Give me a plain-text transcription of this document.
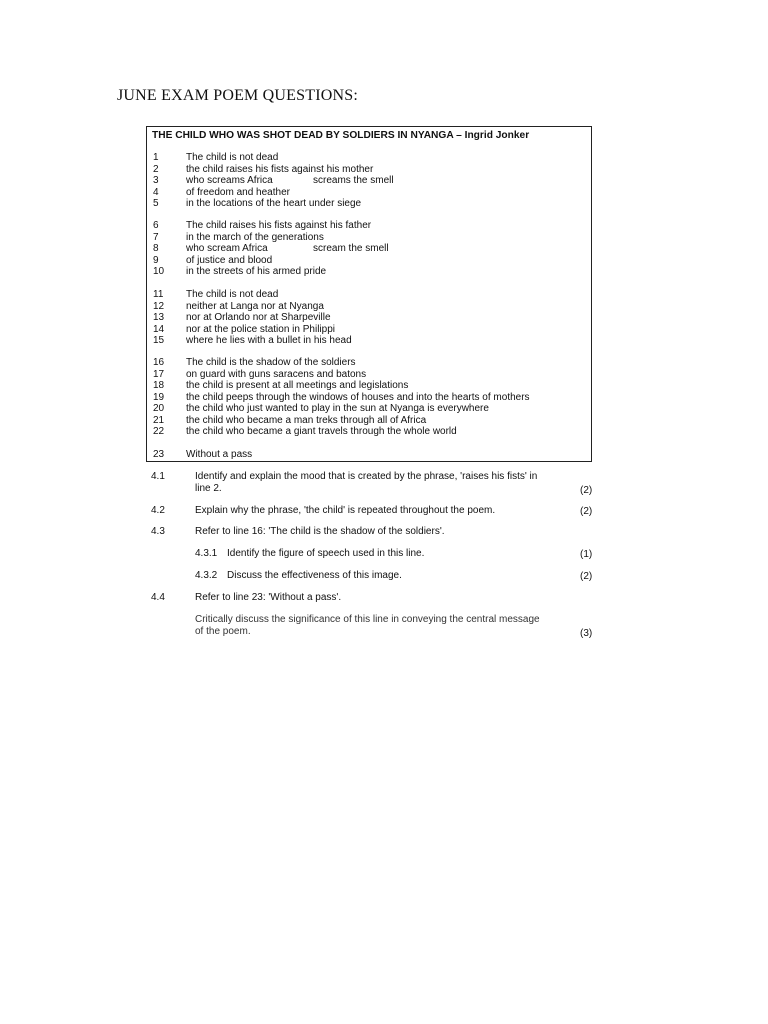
JUNE EXAM POEM QUESTIONS:
THE CHILD WHO WAS SHOT DEAD BY SOLDIERS IN NYANGA – Ingrid Jonker
1	The child is not dead
2	the child raises his fists against his mother
3	who screams Africa	screams the smell
4	of freedom and heather
5	in the locations of the heart under siege
6	The child raises his fists against his father
7	in the march of the generations
8	who scream Africa	scream the smell
9	of justice and blood
10 in the streets of his armed pride
11 The child is not dead
12 neither at Langa nor at Nyanga
13 nor at Orlando nor at Sharpeville
14 nor at the police station in Philippi
15 where he lies with a bullet in his head
16 The child is the shadow of the soldiers
17 on guard with guns saracens and batons
18 the child is present at all meetings and legislations
19 the child peeps through the windows of houses and into the hearts of mothers
20 the child who just wanted to play in the sun at Nyanga is everywhere
21 the child who became a man treks through all of Africa
22 the child who became a giant travels through the whole world
23 Without a pass
4.1	Identify and explain the mood that is created by the phrase, 'raises his fists' in
line 2.	(2)
4.2	Explain why the phrase, 'the child' is repeated throughout the poem.	(2)
4.3	Refer to line 16: 'The child is the shadow of the soldiers'.
4.3.1 Identify the figure of speech used in this line.	(1)
4.3.2 Discuss the effectiveness of this image.	(2)
4.4	Refer to line 23: 'Without a pass'.
Critically discuss the significance of this line in conveying the central message
of the poem.	(3)
